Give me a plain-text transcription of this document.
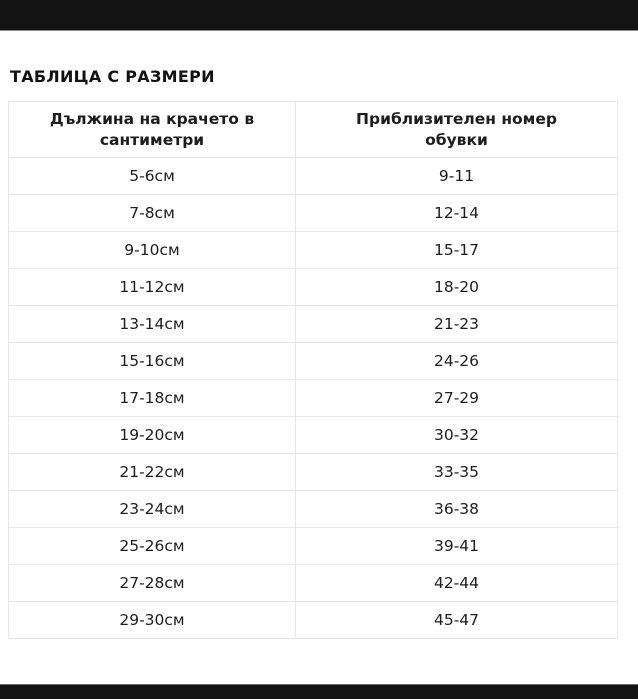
ТАБЛИЦА С РАЗМЕРИ
Дължина на крачето в сантиметри	Приблизителен номер обувки
5-6см	9-11
7-8см	12-14
9-10см	15-17
11-12см	18-20
13-14см	21-23
15-16см	24-26
17-18см	27-29
19-20см	30-32
21-22см	33-35
23-24см	36-38
25-26см	39-41
27-28см	42-44
29-30см	45-47
